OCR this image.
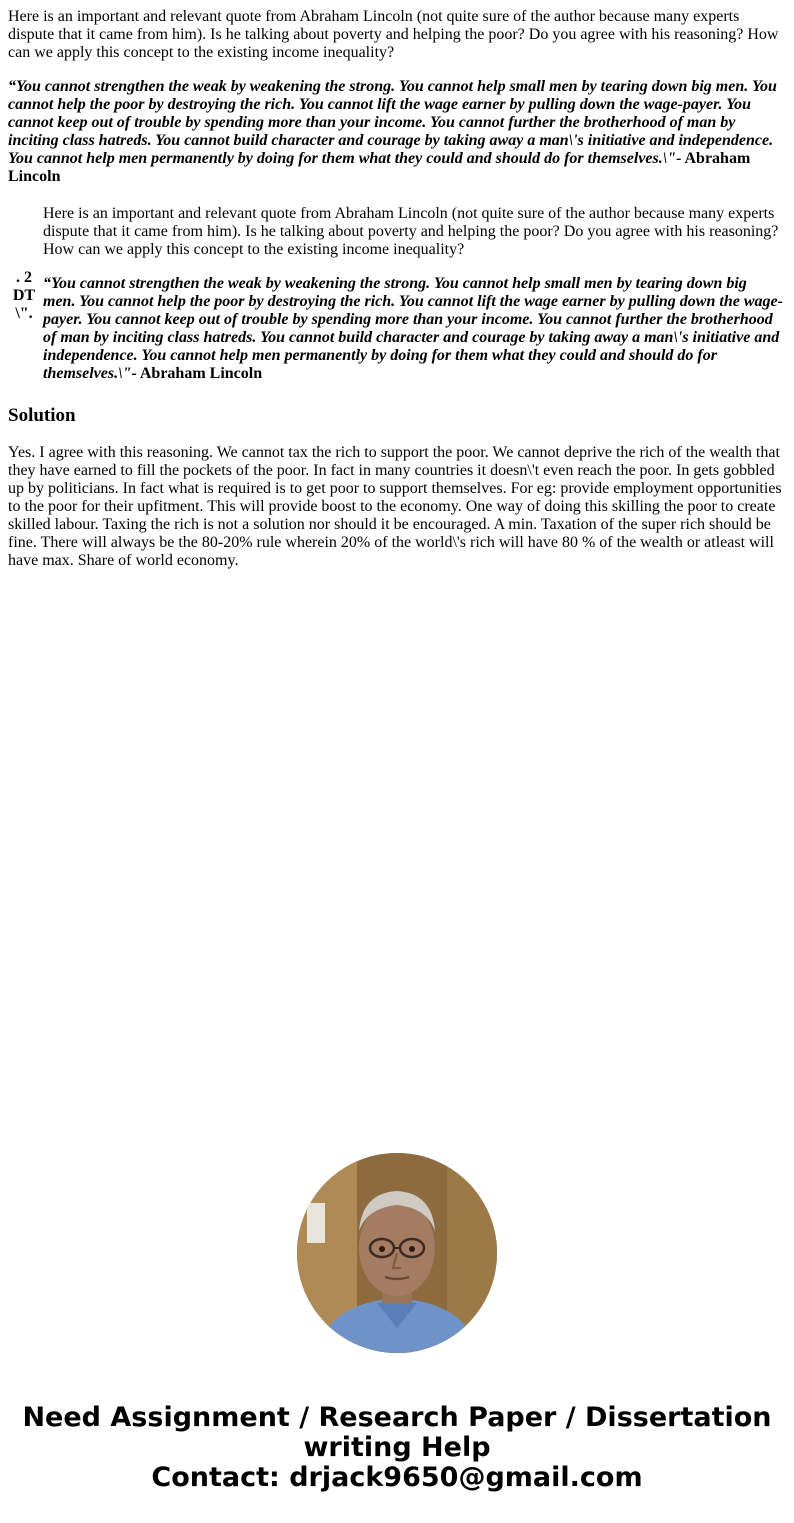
Here is an important and relevant quote from Abraham Lincoln (not quite sure of the author because many experts dispute that it came from him). Is he talking about poverty and helping the poor? Do you agree with his reasoning? How can we apply this concept to the existing income inequality?

“You cannot strengthen the weak by weakening the strong. You cannot help small men by tearing down big men. You cannot help the poor by destroying the rich. You cannot lift the wage earner by pulling down the wage-payer. You cannot keep out of trouble by spending more than your income. You cannot further the brotherhood of man by inciting class hatreds. You cannot build character and courage by taking away a man\'s initiative and independence. You cannot help men permanently by doing for them what they could and should do for themselves.\"- Abraham Lincoln

. 2
DT
\".

Here is an important and relevant quote from Abraham Lincoln (not quite sure of the author because many experts dispute that it came from him). Is he talking about poverty and helping the poor? Do you agree with his reasoning? How can we apply this concept to the existing income inequality?

“You cannot strengthen the weak by weakening the strong. You cannot help small men by tearing down big men. You cannot help the poor by destroying the rich. You cannot lift the wage earner by pulling down the wage-payer. You cannot keep out of trouble by spending more than your income. You cannot further the brotherhood of man by inciting class hatreds. You cannot build character and courage by taking away a man\'s initiative and independence. You cannot help men permanently by doing for them what they could and should do for themselves.\"- Abraham Lincoln

Solution

Yes. I agree with this reasoning. We cannot tax the rich to support the poor. We cannot deprive the rich of the wealth that they have earned to fill the pockets of the poor. In fact in many countries it doesn\'t even reach the poor. In gets gobbled up by politicians. In fact what is required is to get poor to support themselves. For eg: provide employment opportunities to the poor for their upfitment. This will provide boost to the economy. One way of doing this skilling the poor to create skilled labour. Taxing the rich is not a solution nor should it be encouraged. A min. Taxation of the super rich should be fine. There will always be the 80-20% rule wherein 20% of the world\'s rich will have 80 % of the wealth or atleast will have max. Share of world economy.

Need Assignment / Research Paper / Dissertation
writing Help
Contact: drjack9650@gmail.com
